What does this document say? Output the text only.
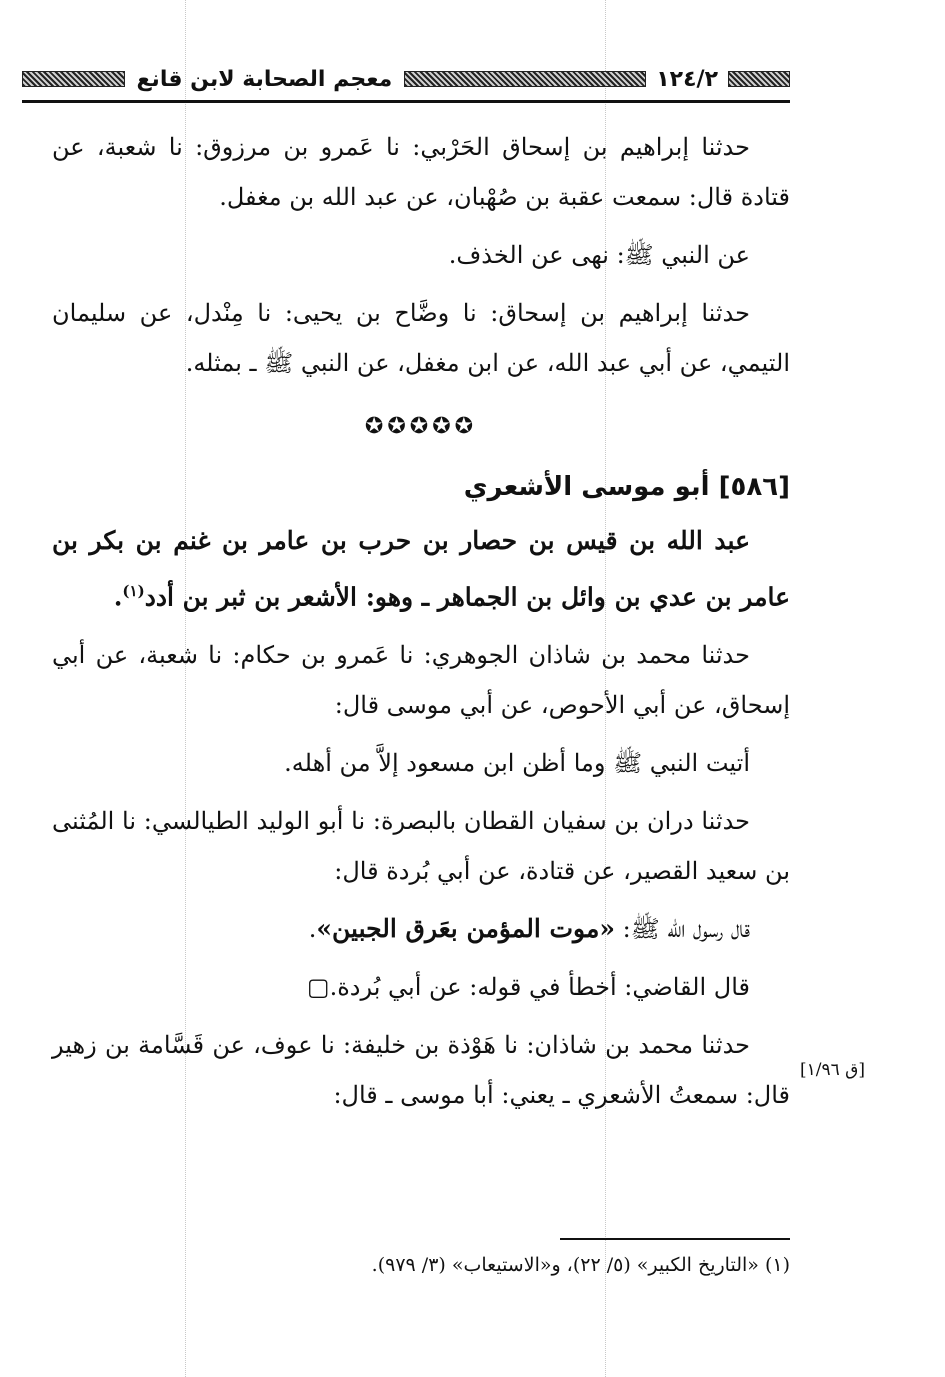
١٢٤/٢
معجم الصحابة لابن قانع

حدثنا إبراهيم بن إسحاق الحَرْبي: نا عَمرو بن مرزوق: نا شعبة، عن قتادة قال: سمعت عقبة بن صُهْبان، عن عبد الله بن مغفل.

عن النبي ﷺ: نهى عن الخذف.

حدثنا إبراهيم بن إسحاق: نا وضَّاح بن يحيى: نا مِنْدل، عن سليمان التيمي، عن أبي عبد الله، عن ابن مغفل، عن النبي ﷺ ـ بمثله.

✪✪✪✪✪
[٥٨٦] أبو موسى الأشعري

عبد الله بن قيس بن حصار بن حرب بن عامر بن غنم بن بكر بن عامر بن عدي بن وائل بن الجماهر ـ وهو: الأشعر بن ثبر بن أدد$^{(١)}$.

حدثنا محمد بن شاذان الجوهري: نا عَمرو بن حكام: نا شعبة، عن أبي إسحاق، عن أبي الأحوص، عن أبي موسى قال:

أتيت النبي ﷺ وما أظن ابن مسعود إلاَّ من أهله.

حدثنا دران بن سفيان القطان بالبصرة: نا أبو الوليد الطيالسي: نا المُثنى بن سعيد القصير، عن قتادة، عن أبي بُردة قال:

قال رسول الله ﷺ: «موت المؤمن بعَرق الجبين».

قال القاضي: أخطأ في قوله: عن أبي بُردة.▢

حدثنا محمد بن شاذان: نا هَوْذة بن خليفة: نا عوف، عن قَسَّامة بن زهير قال: سمعتُ الأشعري ـ يعني: أبا موسى ـ قال:

[ق ١/٩٦]
(١) «التاريخ الكبير» (٥/ ٢٢)، و«الاستيعاب» (٣/ ٩٧٩).
